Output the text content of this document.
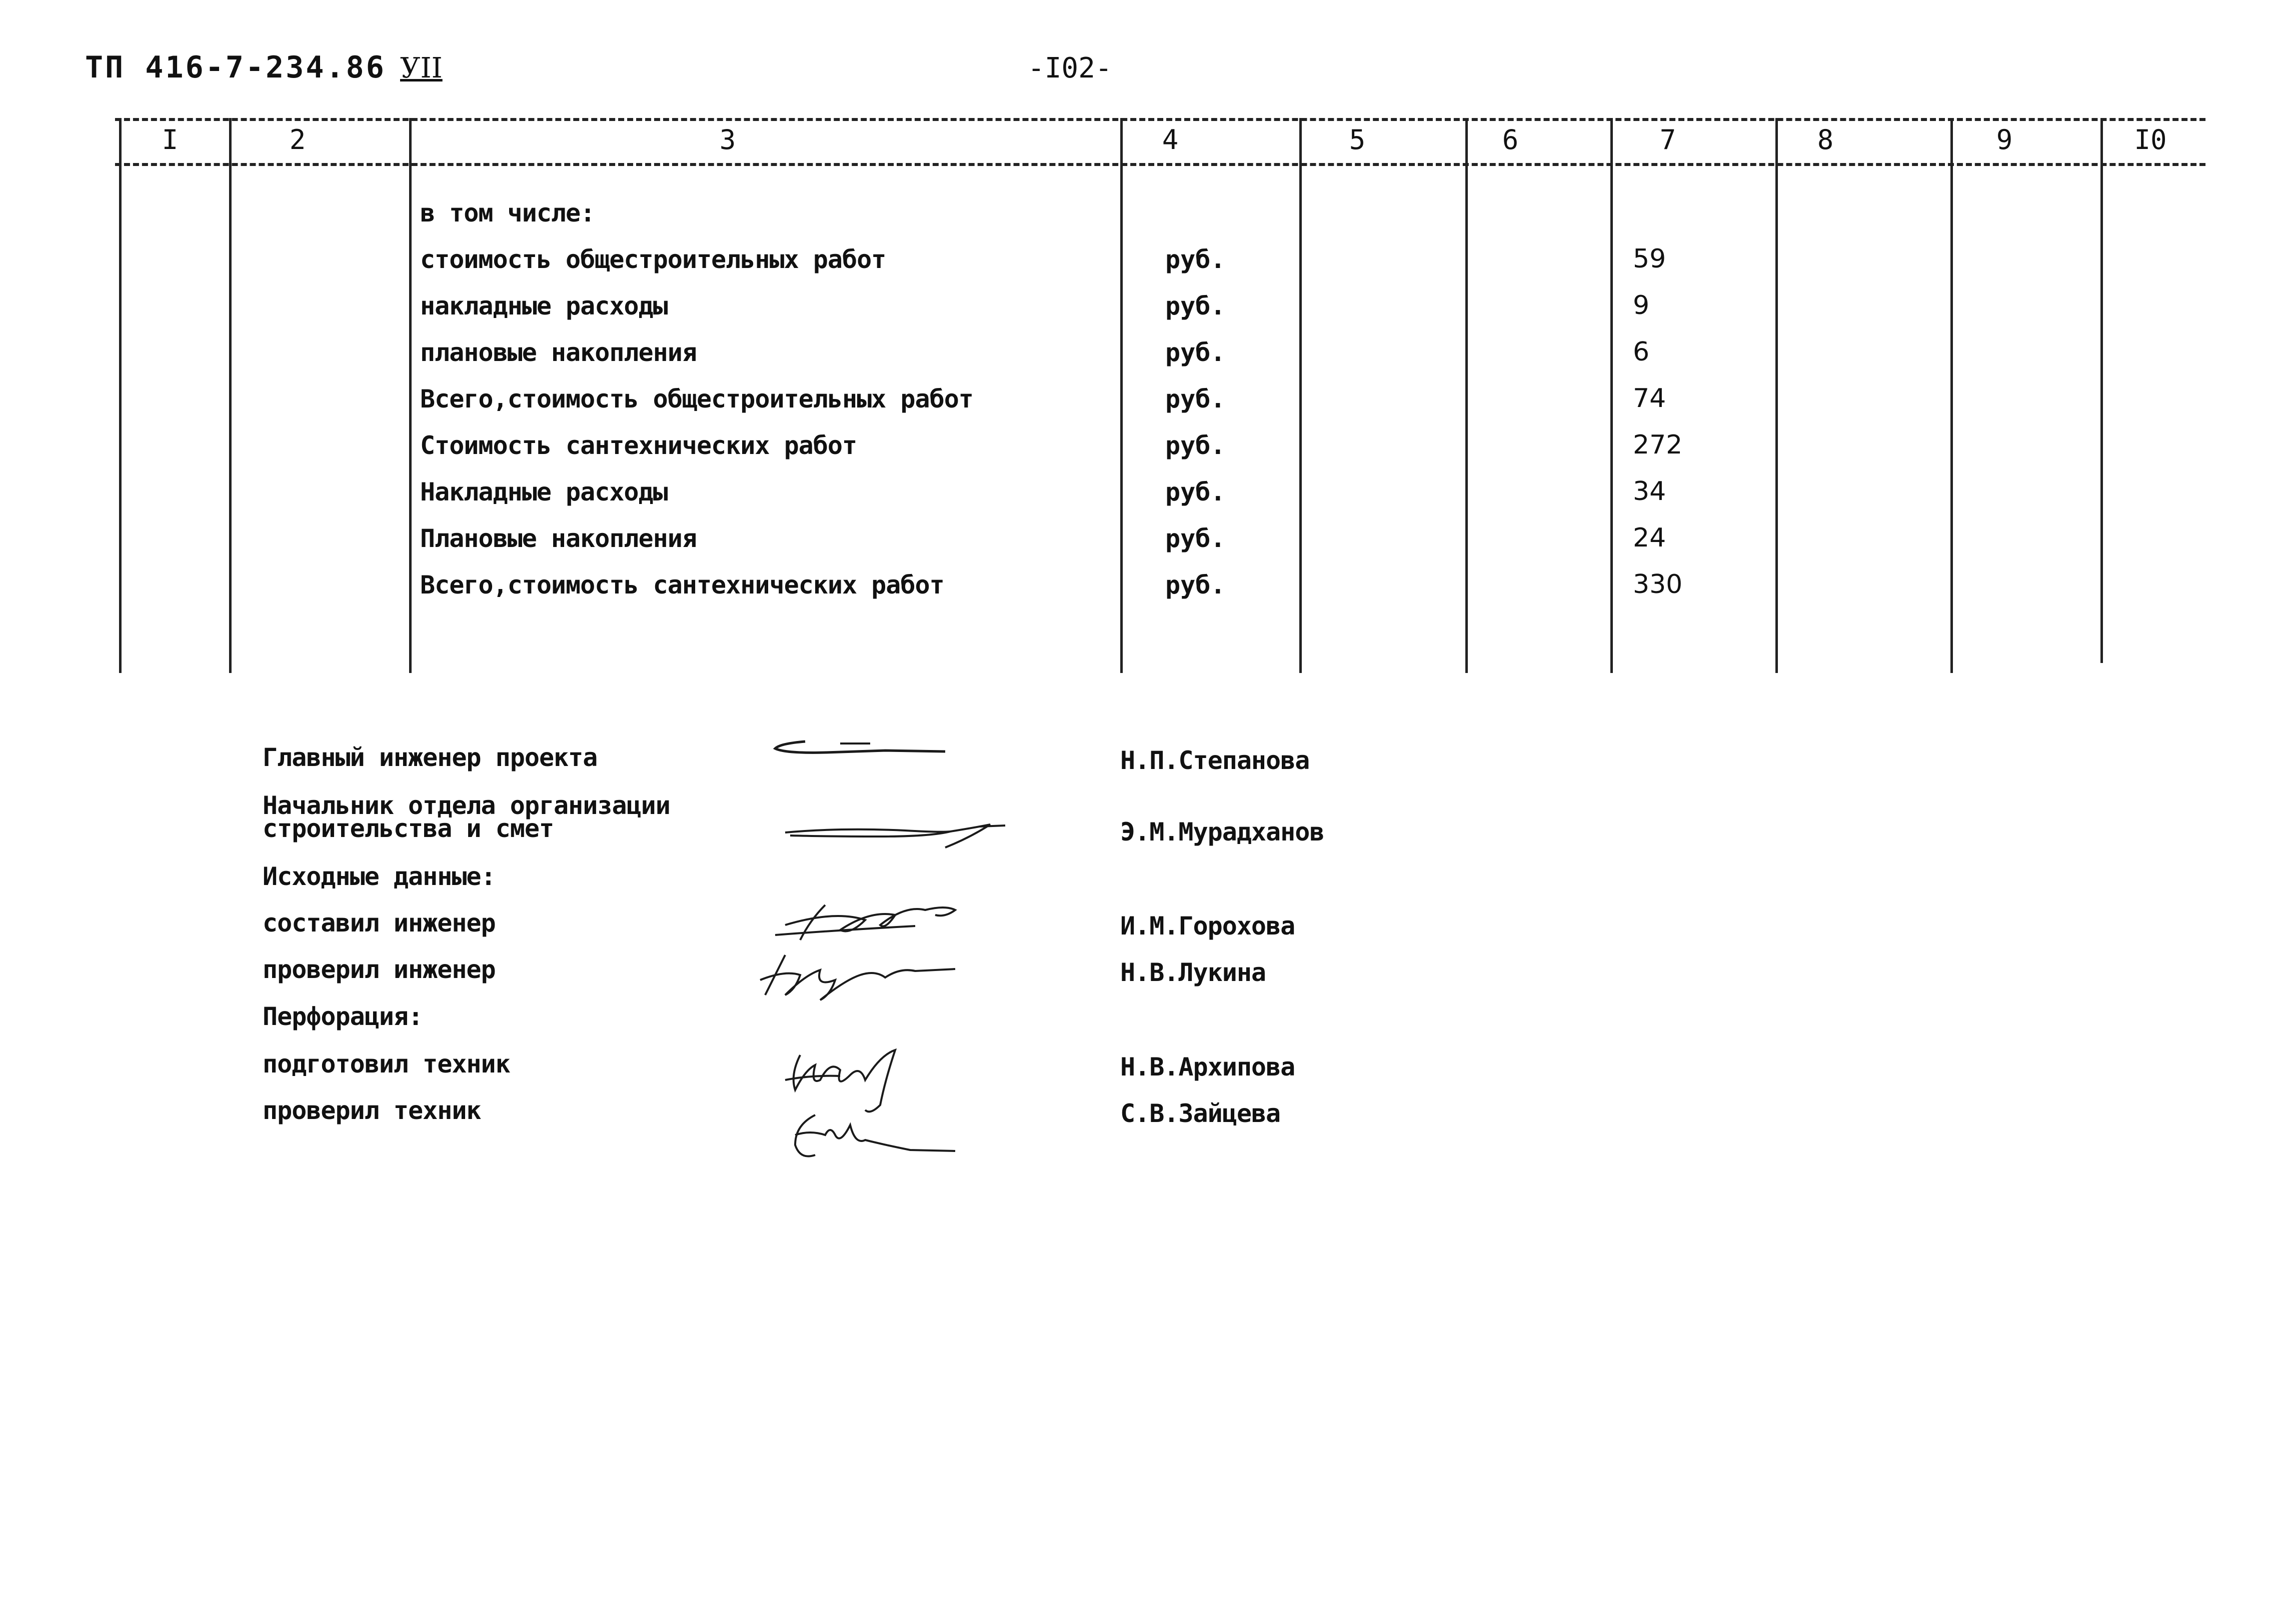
ТП 416-7-234.86 УII	-I02-
I	2	3	4	5	6	7	8	9	I0
в том числе:
стоимость общестроительных работ	руб.	59
накладные расходы	руб.	9
плановые накопления	руб.	6
Всего,стоимость общестроительных работ	руб.	74
Стоимость сантехнических работ	руб.	272
Накладные расходы	руб.	34
Плановые накопления	руб.	24
Всего,стоимость сантехнических работ	руб.	330
Главный инженер проекта	Н.П.Степанова
Начальник отдела организации
строительства и смет	Э.М.Мурадханов
Исходные данные:
составил инженер	И.М.Горохова
проверил инженер	Н.В.Лукина
Перфорация:
подготовил техник	Н.В.Архипова
проверил техник	С.В.Зайцева
